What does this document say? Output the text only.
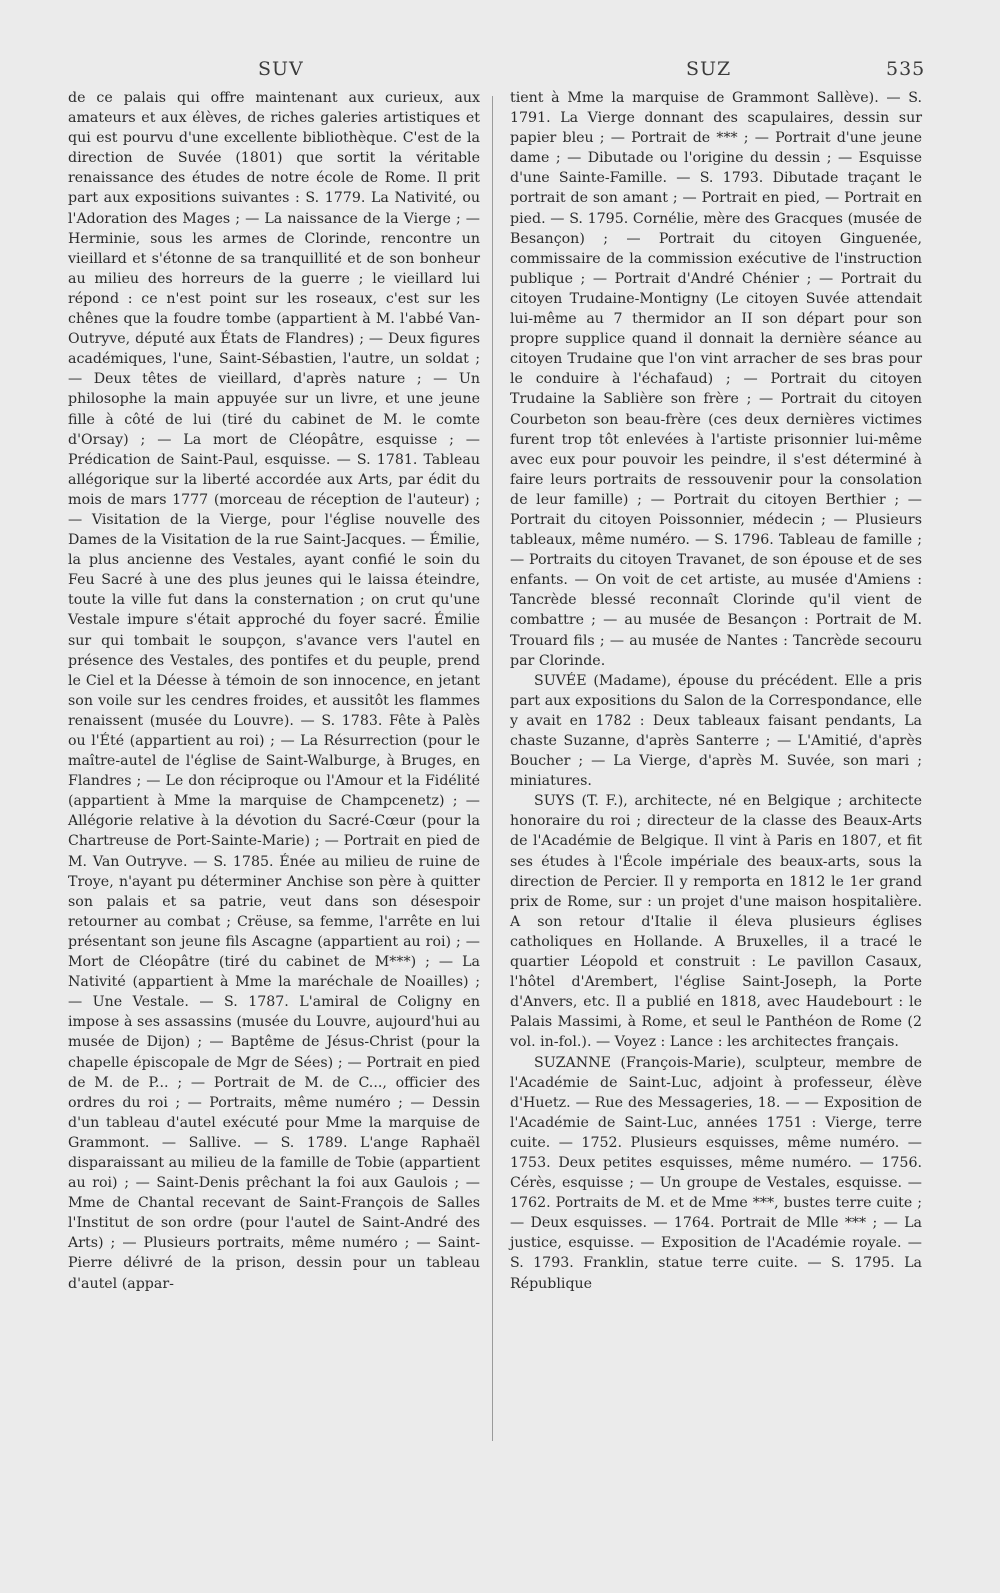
SUV	SUZ	535

de ce palais qui offre maintenant aux curieux, aux amateurs et aux élèves, de riches galeries artistiques et qui est pourvu d'une excellente bibliothèque. C'est de la direction de Suvée (1801) que sortit la véritable renaissance des études de notre école de Rome. Il prit part aux expositions suivantes : S. 1779. La Nativité, ou l'Adoration des Mages ; — La naissance de la Vierge ; — Herminie, sous les armes de Clorinde, rencontre un vieillard et s'étonne de sa tranquillité et de son bonheur au milieu des horreurs de la guerre ; le vieillard lui répond : ce n'est point sur les roseaux, c'est sur les chênes que la foudre tombe (appartient à M. l'abbé Van-Outryve, député aux États de Flandres) ; — Deux figures académiques, l'une, Saint-Sébastien, l'autre, un soldat ; — Deux têtes de vieillard, d'après nature ; — Un philosophe la main appuyée sur un livre, et une jeune fille à côté de lui (tiré du cabinet de M. le comte d'Orsay) ; — La mort de Cléopâtre, esquisse ; — Prédication de Saint-Paul, esquisse. — S. 1781. Tableau allégorique sur la liberté accordée aux Arts, par édit du mois de mars 1777 (morceau de réception de l'auteur) ; — Visitation de la Vierge, pour l'église nouvelle des Dames de la Visitation de la rue Saint-Jacques. — Émilie, la plus ancienne des Vestales, ayant confié le soin du Feu Sacré à une des plus jeunes qui le laissa éteindre, toute la ville fut dans la consternation ; on crut qu'une Vestale impure s'était approché du foyer sacré. Émilie sur qui tombait le soupçon, s'avance vers l'autel en présence des Vestales, des pontifes et du peuple, prend le Ciel et la Déesse à témoin de son innocence, en jetant son voile sur les cendres froides, et aussitôt les flammes renaissent (musée du Louvre). — S. 1783. Fête à Palès ou l'Été (appartient au roi) ; — La Résurrection (pour le maître-autel de l'église de Saint-Walburge, à Bruges, en Flandres ; — Le don réciproque ou l'Amour et la Fidélité (appartient à Mme la marquise de Champcenetz) ; — Allégorie relative à la dévotion du Sacré-Cœur (pour la Chartreuse de Port-Sainte-Marie) ; — Portrait en pied de M. Van Outryve. — S. 1785. Énée au milieu de ruine de Troye, n'ayant pu déterminer Anchise son père à quitter son palais et sa patrie, veut dans son désespoir retourner au combat ; Crëuse, sa femme, l'arrête en lui présentant son jeune fils Ascagne (appartient au roi) ; — Mort de Cléopâtre (tiré du cabinet de M***) ; — La Nativité (appartient à Mme la maréchale de Noailles) ; — Une Vestale. — S. 1787. L'amiral de Coligny en impose à ses assassins (musée du Louvre, aujourd'hui au musée de Dijon) ; — Baptême de Jésus-Christ (pour la chapelle épiscopale de Mgr de Sées) ; — Portrait en pied de M. de P... ; — Portrait de M. de C..., officier des ordres du roi ; — Portraits, même numéro ; — Dessin d'un tableau d'autel exécuté pour Mme la marquise de Grammont. — Sallive. — S. 1789. L'ange Raphaël disparaissant au milieu de la famille de Tobie (appartient au roi) ; — Saint-Denis prêchant la foi aux Gaulois ; — Mme de Chantal recevant de Saint-François de Salles l'Institut de son ordre (pour l'autel de Saint-André des Arts) ; — Plusieurs portraits, même numéro ; — Saint-Pierre délivré de la prison, dessin pour un tableau d'autel (appar-

tient à Mme la marquise de Grammont Sallève). — S. 1791. La Vierge donnant des scapulaires, dessin sur papier bleu ; — Portrait de *** ; — Portrait d'une jeune dame ; — Dibutade ou l'origine du dessin ; — Esquisse d'une Sainte-Famille. — S. 1793. Dibutade traçant le portrait de son amant ; — Portrait en pied, — Portrait en pied. — S. 1795. Cornélie, mère des Gracques (musée de Besançon) ; — Portrait du citoyen Ginguenée, commissaire de la commission exécutive de l'instruction publique ; — Portrait d'André Chénier ; — Portrait du citoyen Trudaine-Montigny (Le citoyen Suvée attendait lui-même au 7 thermidor an II son départ pour son propre supplice quand il donnait la dernière séance au citoyen Trudaine que l'on vint arracher de ses bras pour le conduire à l'échafaud) ; — Portrait du citoyen Trudaine la Sablière son frère ; — Portrait du citoyen Courbeton son beau-frère (ces deux dernières victimes furent trop tôt enlevées à l'artiste prisonnier lui-même avec eux pour pouvoir les peindre, il s'est déterminé à faire leurs portraits de ressouvenir pour la consolation de leur famille) ; — Portrait du citoyen Berthier ; — Portrait du citoyen Poissonnier, médecin ; — Plusieurs tableaux, même numéro. — S. 1796. Tableau de famille ; — Portraits du citoyen Travanet, de son épouse et de ses enfants. — On voit de cet artiste, au musée d'Amiens : Tancrède blessé reconnaît Clorinde qu'il vient de combattre ; — au musée de Besançon : Portrait de M. Trouard fils ; — au musée de Nantes : Tancrède secouru par Clorinde.

SUVÉE (Madame), épouse du précédent. Elle a pris part aux expositions du Salon de la Correspondance, elle y avait en 1782 : Deux tableaux faisant pendants, La chaste Suzanne, d'après Santerre ; — L'Amitié, d'après Boucher ; — La Vierge, d'après M. Suvée, son mari ; miniatures.

SUYS (T. F.), architecte, né en Belgique ; architecte honoraire du roi ; directeur de la classe des Beaux-Arts de l'Académie de Belgique. Il vint à Paris en 1807, et fit ses études à l'École impériale des beaux-arts, sous la direction de Percier. Il y remporta en 1812 le 1er grand prix de Rome, sur : un projet d'une maison hospitalière. A son retour d'Italie il éleva plusieurs églises catholiques en Hollande. A Bruxelles, il a tracé le quartier Léopold et construit : Le pavillon Casaux, l'hôtel d'Arembert, l'église Saint-Joseph, la Porte d'Anvers, etc. Il a publié en 1818, avec Haudebourt : le Palais Massimi, à Rome, et seul le Panthéon de Rome (2 vol. in-fol.). — Voyez : Lance : les architectes français.

SUZANNE (François-Marie), sculpteur, membre de l'Académie de Saint-Luc, adjoint à professeur, élève d'Huetz. — Rue des Messageries, 18. — — Exposition de l'Académie de Saint-Luc, années 1751 : Vierge, terre cuite. — 1752. Plusieurs esquisses, même numéro. — 1753. Deux petites esquisses, même numéro. — 1756. Cérès, esquisse ; — Un groupe de Vestales, esquisse. — 1762. Portraits de M. et de Mme ***, bustes terre cuite ; — Deux esquisses. — 1764. Portrait de Mlle *** ; — La justice, esquisse. — Exposition de l'Académie royale. — S. 1793. Franklin, statue terre cuite. — S. 1795. La République
